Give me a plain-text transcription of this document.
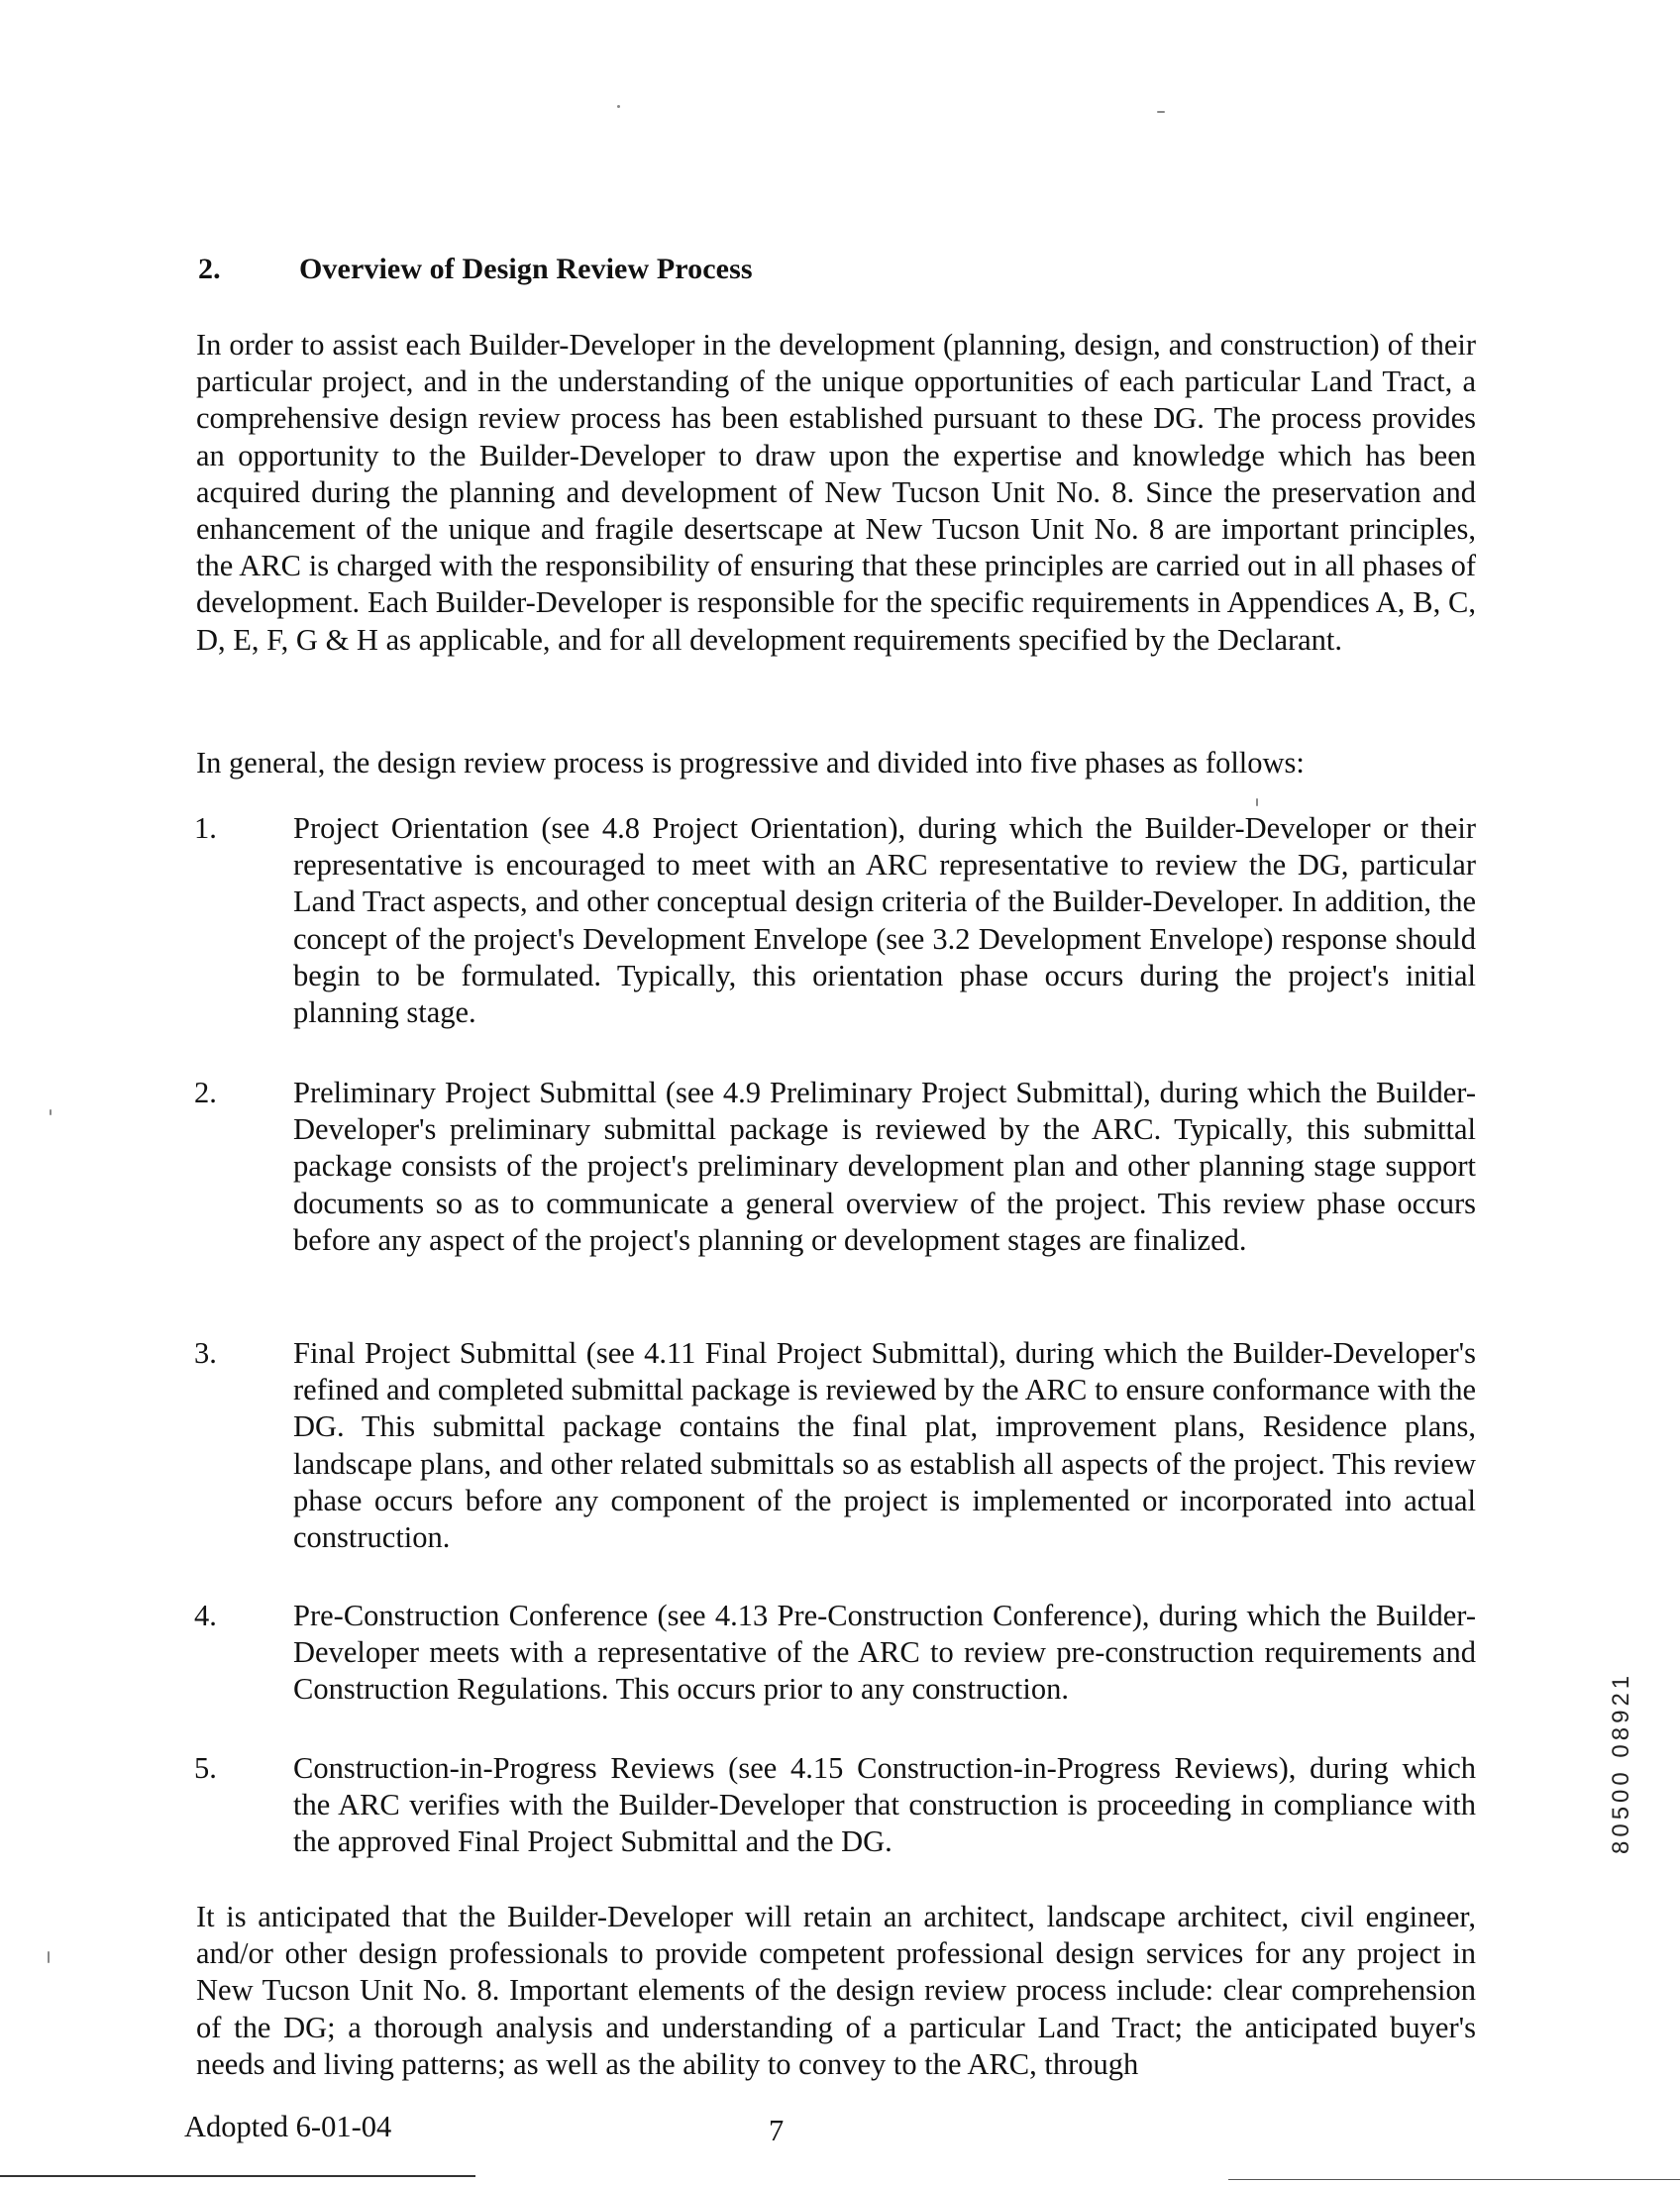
2.	Overview of Design Review Process
In order to assist each Builder-Developer in the development (planning, design, and construction) of their particular project, and in the understanding of the unique opportunities of each particular Land Tract, a comprehensive design review process has been established pursuant to these DG. The process provides an opportunity to the Builder-Developer to draw upon the expertise and knowledge which has been acquired during the planning and development of New Tucson Unit No. 8. Since the preservation and enhancement of the unique and fragile desertscape at New Tucson Unit No. 8 are important principles, the ARC is charged with the responsibility of ensuring that these principles are carried out in all phases of development. Each Builder-Developer is responsible for the specific requirements in Appendices A, B, C, D, E, F, G & H as applicable, and for all development requirements specified by the Declarant.
In general, the design review process is progressive and divided into five phases as follows:
1.	Project Orientation (see 4.8 Project Orientation), during which the Builder-Developer or their representative is encouraged to meet with an ARC representative to review the DG, particular Land Tract aspects, and other conceptual design criteria of the Builder-Developer. In addition, the concept of the project's Development Envelope (see 3.2 Development Envelope) response should begin to be formulated. Typically, this orientation phase occurs during the project's initial planning stage.
2.	Preliminary Project Submittal (see 4.9 Preliminary Project Submittal), during which the Builder-Developer's preliminary submittal package is reviewed by the ARC. Typically, this submittal package consists of the project's preliminary development plan and other planning stage support documents so as to communicate a general overview of the project. This review phase occurs before any aspect of the project's planning or development stages are finalized.
3.	Final Project Submittal (see 4.11 Final Project Submittal), during which the Builder-Developer's refined and completed submittal package is reviewed by the ARC to ensure conformance with the DG. This submittal package contains the final plat, improvement plans, Residence plans, landscape plans, and other related submittals so as establish all aspects of the project. This review phase occurs before any component of the project is implemented or incorporated into actual construction.
4.	Pre-Construction Conference (see 4.13 Pre-Construction Conference), during which the Builder-Developer meets with a representative of the ARC to review pre-construction requirements and Construction Regulations. This occurs prior to any construction.
5.	Construction-in-Progress Reviews (see 4.15 Construction-in-Progress Reviews), during which the ARC verifies with the Builder-Developer that construction is proceeding in compliance with the approved Final Project Submittal and the DG.
It is anticipated that the Builder-Developer will retain an architect, landscape architect, civil engineer, and/or other design professionals to provide competent professional design services for any project in New Tucson Unit No. 8. Important elements of the design review process include: clear comprehension of the DG; a thorough analysis and understanding of a particular Land Tract; the anticipated buyer's needs and living patterns; as well as the ability to convey to the ARC, through
Adopted 6-01-04	7
80500 08921
